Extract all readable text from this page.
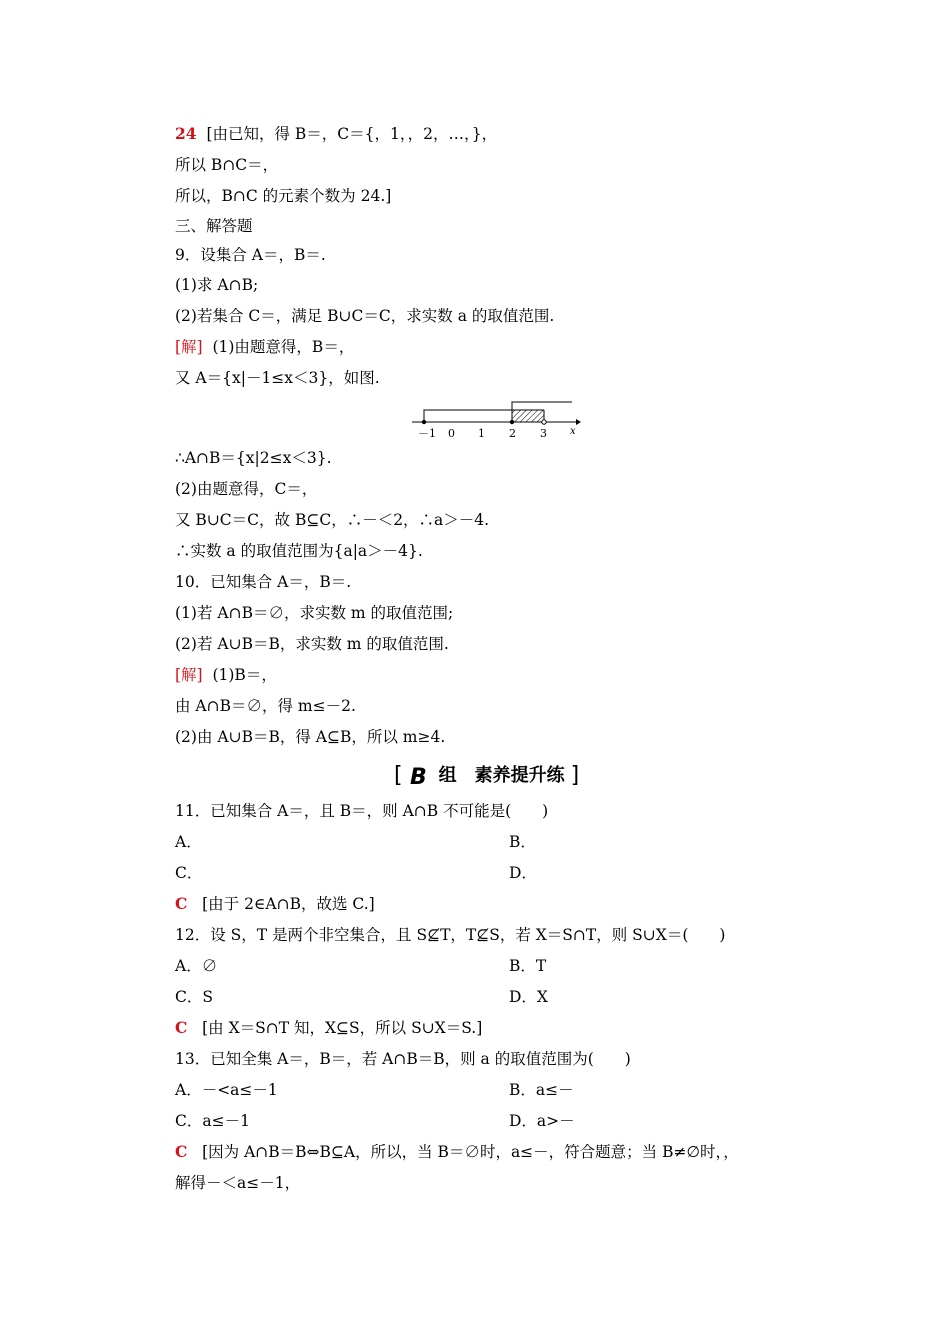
24 [由已知，得 B＝，C＝{，1，，2，…，}，
所以 B∩C＝，
所以，B∩C 的元素个数为 24.]
三、解答题
9．设集合 A＝，B＝.
(1)求 A∩B;
(2)若集合 C＝，满足 B∪C＝C，求实数 a 的取值范围.
[解] (1)由题意得，B＝，
又 A＝{x|－1≤x＜3}，如图.
－1 0 1 2 3 x
∴A∩B＝{x|2≤x＜3}.
(2)由题意得，C＝，
又 B∪C＝C，故 B⊆C，∴－＜2，∴a＞－4.
∴实数 a 的取值范围为{a|a＞－4}.
10．已知集合 A＝，B＝.
(1)若 A∩B＝∅，求实数 m 的取值范围;
(2)若 A∪B＝B，求实数 m 的取值范围.
[解] (1)B＝，
由 A∩B＝∅，得 m≤－2.
(2)由 A∪B＝B，得 A⊆B，所以 m≥4.
[ B 组　素养提升练 ]
11．已知集合 A＝，且 B＝，则 A∩B 不可能是(　　)
A．	B．
C．	D．
C [由于 2∈A∩B，故选 C.]
12．设 S，T 是两个非空集合，且 S⊈T，T⊈S，若 X＝S∩T，则 S∪X＝(　　)
A．∅	B．T
C．S	D．X
C [由 X＝S∩T 知，X⊆S，所以 S∪X＝S.]
13．已知全集 A＝，B＝，若 A∩B＝B，则 a 的取值范围为(　　)
A．－<a≤－1	B．a≤－
C．a≤－1	D．a>－
C [因为 A∩B＝B⇔B⊆A，所以，当 B＝∅时，a≤－，符合题意；当 B≠∅时，，
解得－＜a≤－1，
